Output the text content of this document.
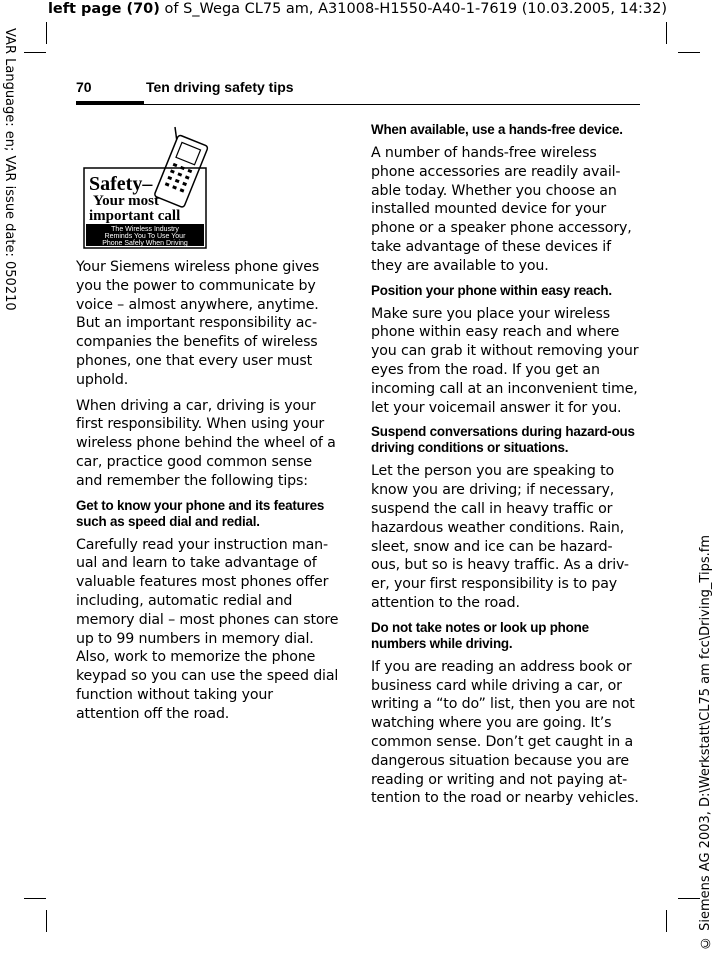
left page (70) of S_Wega CL75 am, A31008-H1550-A40-1-7619 (10.03.2005, 14:32)
VAR Language: en; VAR issue date: 050210
© Siemens AG 2003, D:\Werkstatt\CL75 am fcc\Driving_Tips.fm
70	Ten driving safety tips
Safety–
Your most
important call
The Wireless Industry
Reminds You To Use Your
Phone Safely When Driving

Your Siemens wireless phone gives you the power to communicate by voice – almost anywhere, anytime. But an important responsibility ac-companies the benefits of wireless phones, one that every user must uphold.

When driving a car, driving is your first responsibility. When using your wireless phone behind the wheel of a car, practice good common sense and remember the following tips:

Get to know your phone and its features such as speed dial and redial.

Carefully read your instruction man-ual and learn to take advantage of valuable features most phones offer including, automatic redial and memory dial – most phones can store up to 99 numbers in memory dial. Also, work to memorize the phone keypad so you can use the speed dial function without taking your attention off the road.

When available, use a hands-free device.

A number of hands-free wireless phone accessories are readily avail-able today. Whether you choose an installed mounted device for your phone or a speaker phone accessory, take advantage of these devices if they are available to you.

Position your phone within easy reach.

Make sure you place your wireless phone within easy reach and where you can grab it without removing your eyes from the road. If you get an incoming call at an inconvenient time, let your voicemail answer it for you.

Suspend conversations during hazard-ous driving conditions or situations.

Let the person you are speaking to know you are driving; if necessary, suspend the call in heavy traffic or hazardous weather conditions. Rain, sleet, snow and ice can be hazard-ous, but so is heavy traffic. As a driv-er, your first responsibility is to pay attention to the road.

Do not take notes or look up phone numbers while driving.

If you are reading an address book or business card while driving a car, or writing a “to do” list, then you are not watching where you are going. It’s common sense. Don’t get caught in a dangerous situation because you are reading or writing and not paying at-tention to the road or nearby vehicles.
